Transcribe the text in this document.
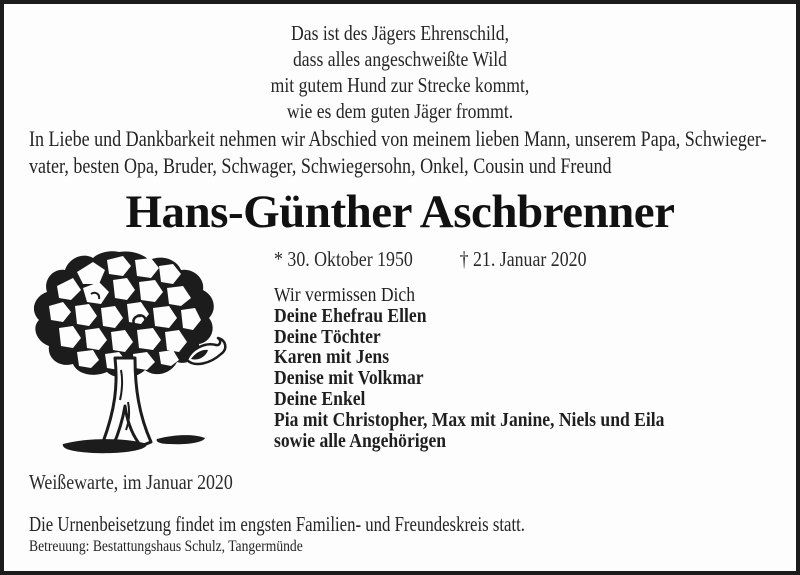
Das ist des Jägers Ehrenschild,
dass alles angeschweißte Wild
mit gutem Hund zur Strecke kommt,
wie es dem guten Jäger frommt.
In Liebe und Dankbarkeit nehmen wir Abschied von meinem lieben Mann, unserem Papa, Schwieger-
vater, besten Opa, Bruder, Schwager, Schwiegersohn, Onkel, Cousin und Freund
Hans-Günther Aschbrenner
* 30. Oktober 1950 † 21. Januar 2020
Wir vermissen Dich
Deine Ehefrau Ellen
Deine Töchter
Karen mit Jens
Denise mit Volkmar
Deine Enkel
Pia mit Christopher, Max mit Janine, Niels und Eila
sowie alle Angehörigen
Weißewarte, im Januar 2020
Die Urnenbeisetzung findet im engsten Familien- und Freundeskreis statt.
Betreuung: Bestattungshaus Schulz, Tangermünde
